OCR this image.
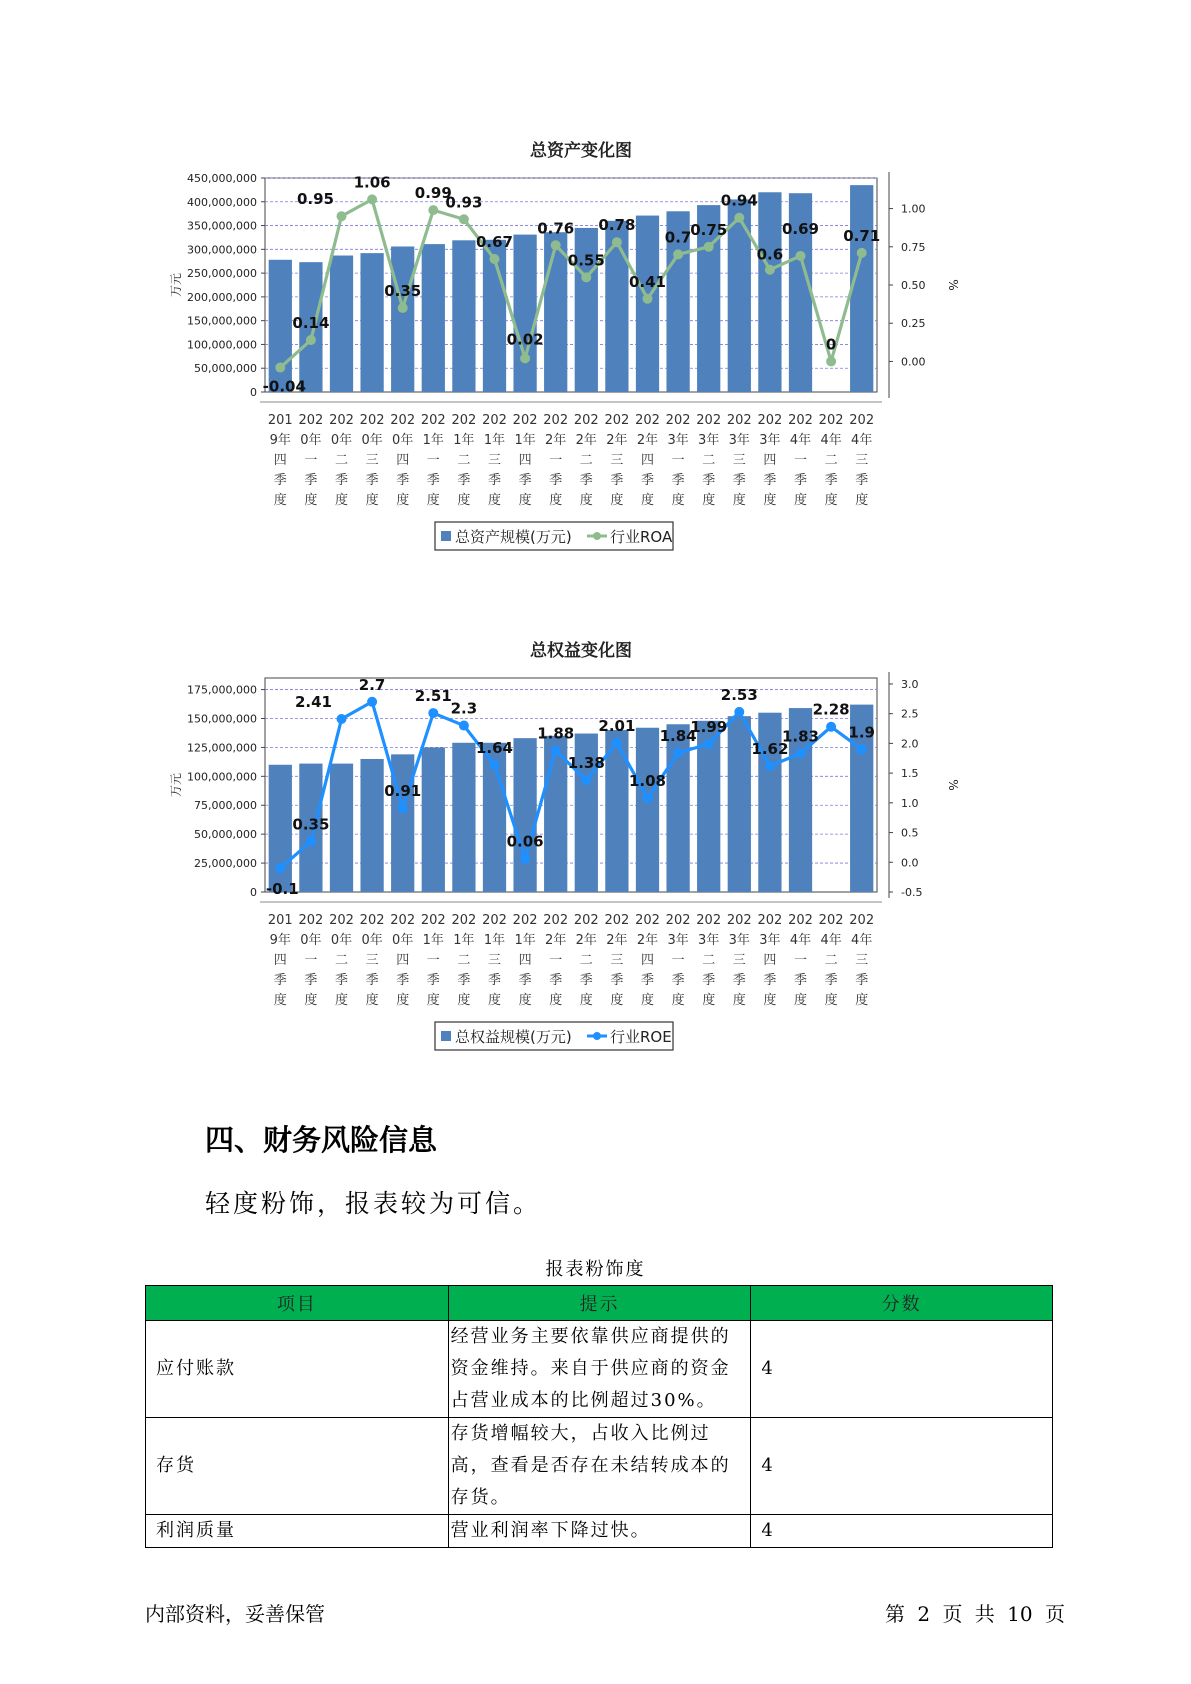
总资产变化图
0
50,000,000
100,000,000
150,000,000
200,000,000
250,000,000
300,000,000
350,000,000
400,000,000
450,000,000
0.00
0.25
0.50
0.75
1.00
万元	%
201 9年四季度
202 0年一季度
202 0年二季度
202 0年三季度
202 0年四季度
202 1年一季度
202 1年二季度
202 1年三季度
202 1年四季度
202 2年一季度
202 2年二季度
202 2年三季度
202 2年四季度
202 3年一季度
202 3年二季度
202 3年三季度
202 3年四季度
202 4年一季度
202 4年二季度
202 4年三季度
-0.04
0.14
0.95
1.06
0.35
0.99
0.93
0.67
0.02
0.76
0.55
0.78
0.41
0.7
0.75
0.94
0.6
0.69
0
0.71
总资产规模(万元)	行业ROA
总权益变化图
0
25,000,000
50,000,000
75,000,000
100,000,000
125,000,000
150,000,000
175,000,000
-0.5
0.0
0.5
1.0
1.5
2.0
2.5
3.0
万元	%
201 9年四季度
202 0年一季度
202 0年二季度
202 0年三季度
202 0年四季度
202 1年一季度
202 1年二季度
202 1年三季度
202 1年四季度
202 2年一季度
202 2年二季度
202 2年三季度
202 2年四季度
202 3年一季度
202 3年二季度
202 3年三季度
202 3年四季度
202 4年一季度
202 4年二季度
202 4年三季度
-0.1
0.35
2.41
2.7
0.91
2.51
2.3
1.64
0.06
1.88
1.38
2.01
1.08
1.84
1.99
2.53
1.62
1.83
2.28
1.9
总权益规模(万元)	行业ROE
四、财务风险信息

轻度粉饰，报表较为可信。

报表粉饰度
项目	提示	分数
应付账款	经营业务主要依靠供应商提供的资金维持。来自于供应商的资金占营业成本的比例超过30%。	4
存货	存货增幅较大，占收入比例过高，查看是否存在未结转成本的存货。	4
利润质量	营业利润率下降过快。	4
内部资料，妥善保管	第 2 页 共 10 页
